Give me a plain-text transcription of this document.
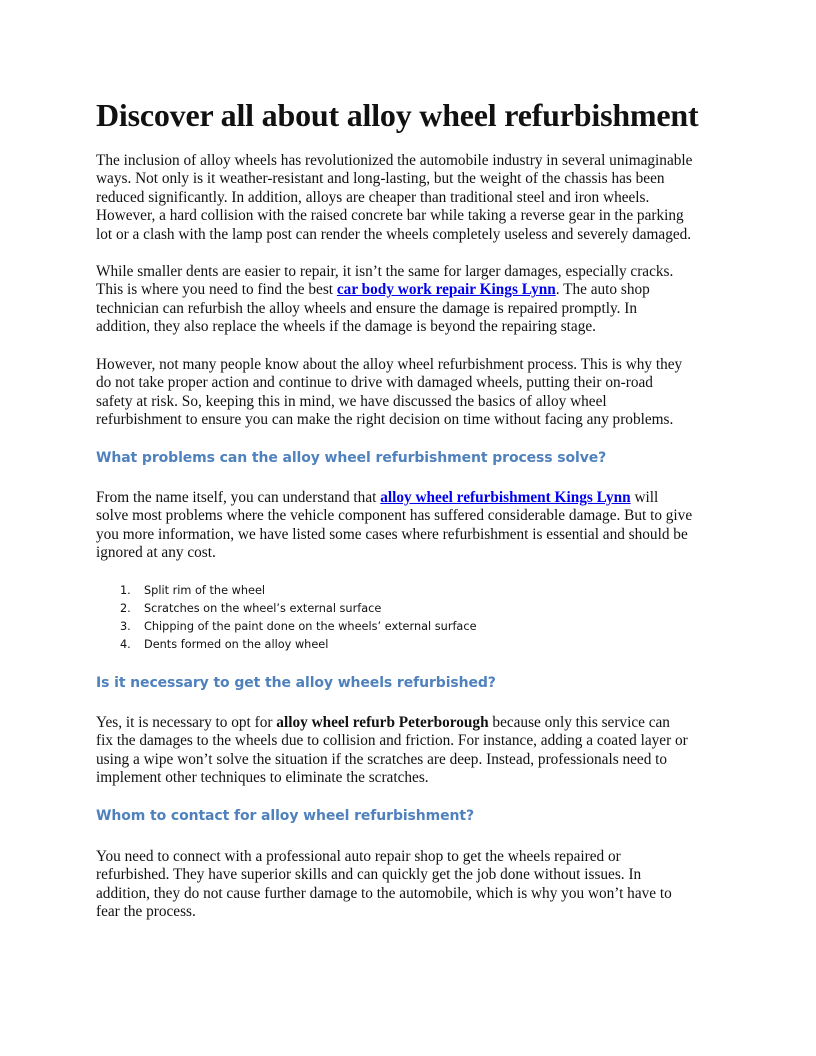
Discover all about alloy wheel refurbishment

The inclusion of alloy wheels has revolutionized the automobile industry in several unimaginable
ways. Not only is it weather-resistant and long-lasting, but the weight of the chassis has been
reduced significantly. In addition, alloys are cheaper than traditional steel and iron wheels.
However, a hard collision with the raised concrete bar while taking a reverse gear in the parking
lot or a clash with the lamp post can render the wheels completely useless and severely damaged.

While smaller dents are easier to repair, it isn’t the same for larger damages, especially cracks.
This is where you need to find the best car body work repair Kings Lynn. The auto shop
technician can refurbish the alloy wheels and ensure the damage is repaired promptly. In
addition, they also replace the wheels if the damage is beyond the repairing stage.

However, not many people know about the alloy wheel refurbishment process. This is why they
do not take proper action and continue to drive with damaged wheels, putting their on-road
safety at risk. So, keeping this in mind, we have discussed the basics of alloy wheel
refurbishment to ensure you can make the right decision on time without facing any problems.

What problems can the alloy wheel refurbishment process solve?

From the name itself, you can understand that alloy wheel refurbishment Kings Lynn will
solve most problems where the vehicle component has suffered considerable damage. But to give
you more information, we have listed some cases where refurbishment is essential and should be
ignored at any cost.

1. Split rim of the wheel
2. Scratches on the wheel’s external surface
3. Chipping of the paint done on the wheels’ external surface
4. Dents formed on the alloy wheel
Is it necessary to get the alloy wheels refurbished?

Yes, it is necessary to opt for alloy wheel refurb Peterborough because only this service can
fix the damages to the wheels due to collision and friction. For instance, adding a coated layer or
using a wipe won’t solve the situation if the scratches are deep. Instead, professionals need to
implement other techniques to eliminate the scratches.

Whom to contact for alloy wheel refurbishment?

You need to connect with a professional auto repair shop to get the wheels repaired or
refurbished. They have superior skills and can quickly get the job done without issues. In
addition, they do not cause further damage to the automobile, which is why you won’t have to
fear the process.
